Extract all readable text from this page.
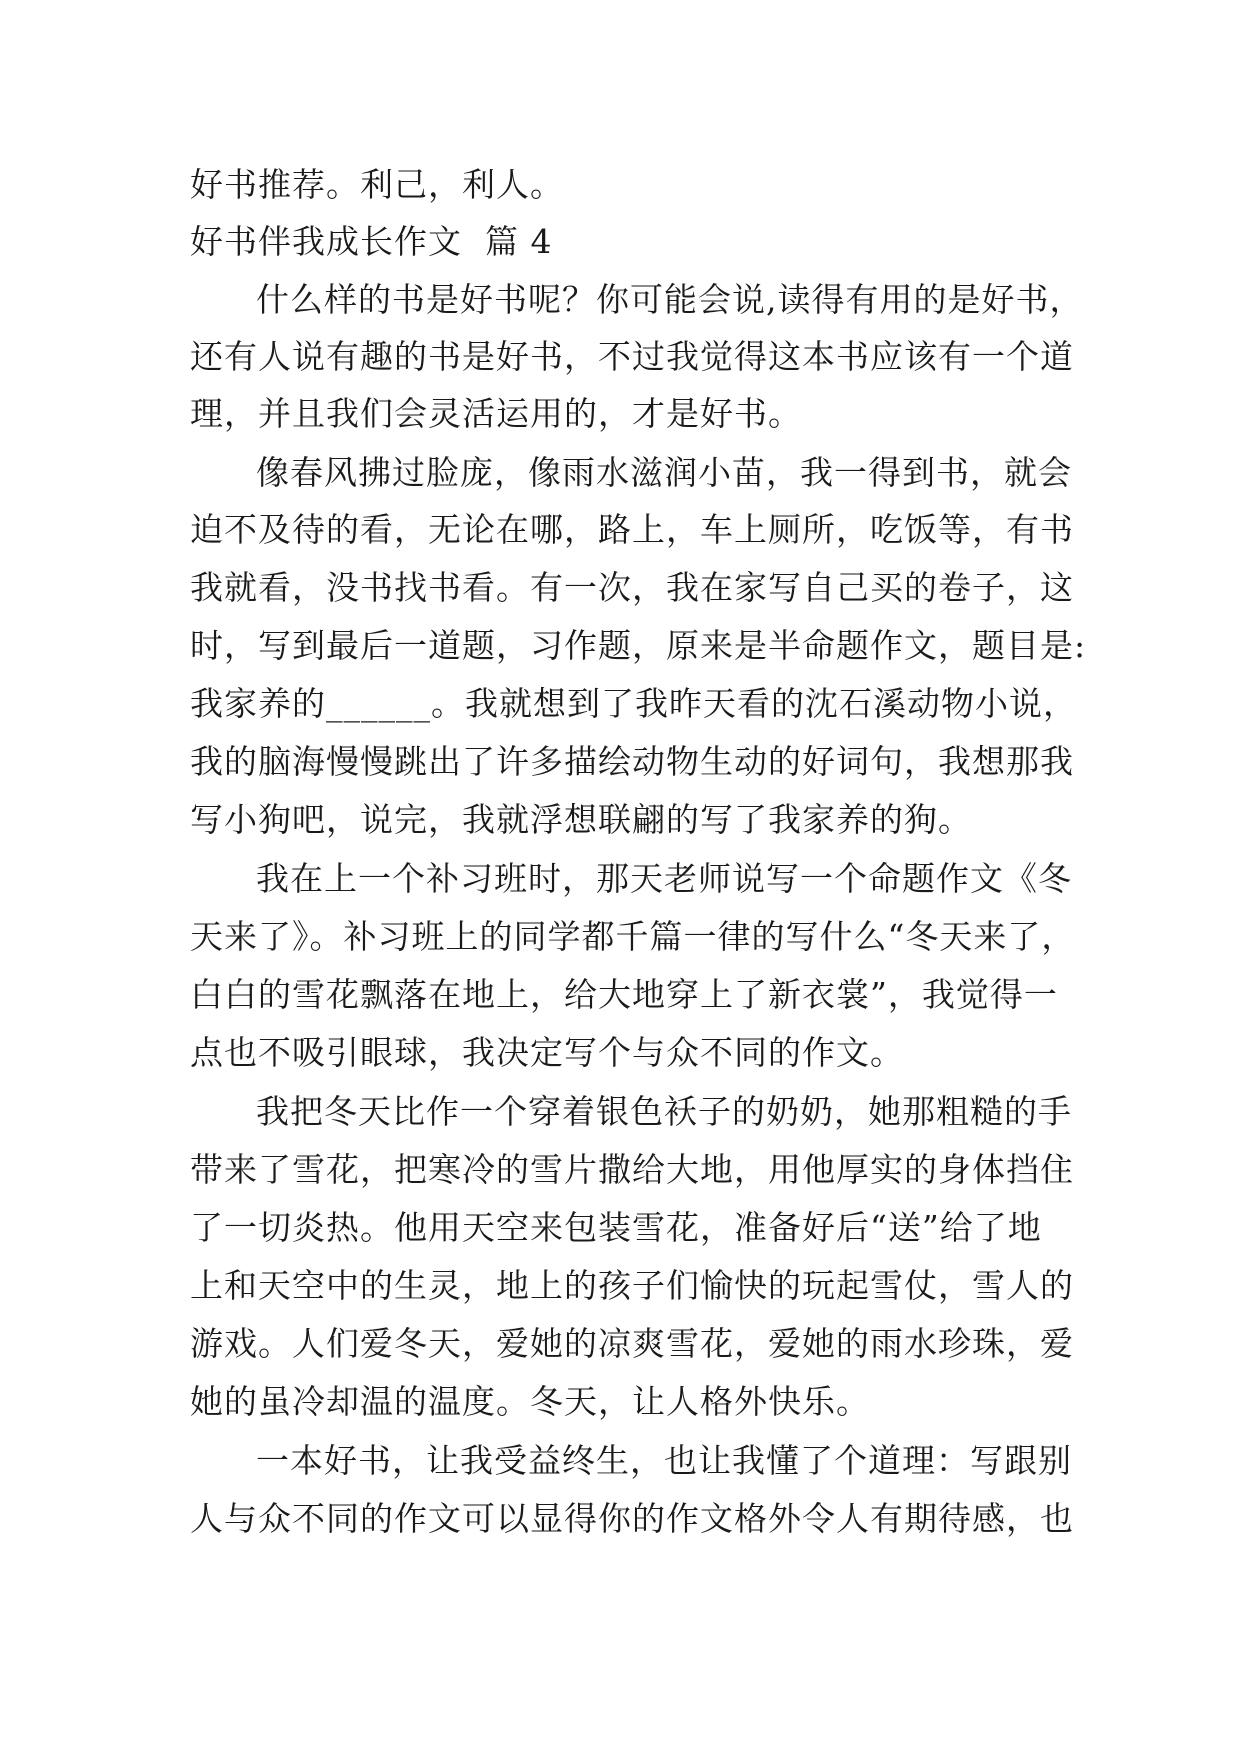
好书推荐。利己，利人。
好书伴我成长作文  篇 4
什么样的书是好书呢？你可能会说,读得有用的是好书，
还有人说有趣的书是好书，不过我觉得这本书应该有一个道
理，并且我们会灵活运用的，才是好书。
像春风拂过脸庞，像雨水滋润小苗，我一得到书，就会
迫不及待的看，无论在哪，路上，车上厕所，吃饭等，有书
我就看，没书找书看。有一次，我在家写自己买的卷子，这
时，写到最后一道题，习作题，原来是半命题作文，题目是:
我家养的______。我就想到了我昨天看的沈石溪动物小说，
我的脑海慢慢跳出了许多描绘动物生动的好词句，我想那我
写小狗吧，说完，我就浮想联翩的写了我家养的狗。
我在上一个补习班时，那天老师说写一个命题作文《冬
天来了》。补习班上的同学都千篇一律的写什么“冬天来了，
白白的雪花飘落在地上，给大地穿上了新衣裳”，我觉得一
点也不吸引眼球，我决定写个与众不同的作文。
我把冬天比作一个穿着银色袄子的奶奶，她那粗糙的手
带来了雪花，把寒冷的雪片撒给大地，用他厚实的身体挡住
了一切炎热。他用天空来包装雪花，准备好后“送”给了地
上和天空中的生灵，地上的孩子们愉快的玩起雪仗，雪人的
游戏。人们爱冬天，爱她的凉爽雪花，爱她的雨水珍珠，爱
她的虽冷却温的温度。冬天，让人格外快乐。
一本好书，让我受益终生，也让我懂了个道理：写跟别
人与众不同的作文可以显得你的作文格外令人有期待感，也
